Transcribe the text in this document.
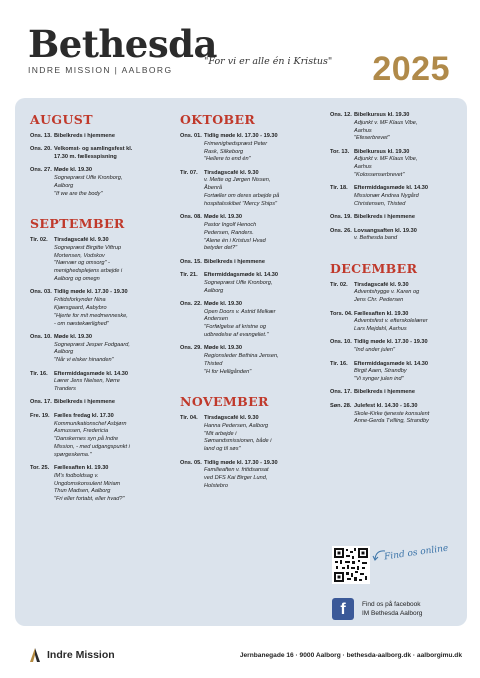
Bethesda
INDRE MISSION | AALBORG
"For vi er alle én i Kristus" 2025
AUGUST
Ons. 13. Bibelkreds i hjemmene
Ons. 20. Velkomst- og samlingsfest kl.
17.30 m. fællesspisning
Ons. 27. Møde kl. 19.30
Sognepræst Uffe Kronborg,
Aalborg
"If we are the body"
SEPTEMBER
Tir. 02.	Tirsdagscafé kl. 9.30
Sognepræst Birgitte Viftrup
Mortensen, Vodskov
"Nærvær og omsorg" -
menighedsplejens arbejde i
Aalborg og omegn
Ons. 03. Tidlig møde kl. 17.30 - 19.30
Fritidsforkynder Nina
Kjærsgaard, Aabybro
"Hjerte for mit medmenneske,
- om næstekærlighed"
Ons. 10. Møde kl. 19.30
Sognepræst Jesper Fodgaard,
Aalborg
"Når vi elsker hinanden"
Tir. 16.	Eftermiddagsmøde kl. 14.30
Lærer Jens Nielsen, Nørre
Tranders
Ons. 17. Bibelkreds i hjemmene
Fre. 19. Fælles fredag kl. 17.30
Kommunikationschef Asbjørn
Asmussen, Fredericia
"Danskernes syn på Indre
Mission, - med udgangspunkt i
spørgeskema."
Tor. 25. Fællesaften kl. 19.30
IM's fodboldsag v.
Ungdomskonsulent Miriam
Thun Madsen, Aalborg
"Fri eller fortabt, eller hvad?"
OKTOBER
Ons. 01. Tidlig møde kl. 17.30 - 19.30
Frimenighedspræst Peter
Rask, Silkeborg
"Hellere to end én"
Tir. 07.	Tirsdagscafé kl. 9.30
v. Mette og Jørgen Nissen,
Åbenrå
Fortæller om deres arbejde på
hospitalsskibet "Mercy Ships"
Ons. 08. Møde kl. 19.30
Pastor Ingolf Henoch
Pedersen, Randers.
"Alene én i Kristus! Hvad
betyder det?"
Ons. 15. Bibelkreds i hjemmene
Tir. 21.	Eftermiddagsmøde kl. 14.30
Sognepræst Uffe Kronborg,
Aalborg
Ons. 22. Møde kl. 19.30
Open Doors v. Astrid Melkær
Andersen
"Forfølgelse af kristne og
udbredelse af evangeliet."
Ons. 29. Møde kl. 19.30
Regionsleder Bethina Jensen,
Thisted
"H for Helligånden"
NOVEMBER
Tir. 04.	Tirsdagscafé kl. 9.30
Hanna Pedersen, Aalborg
"Mit arbejde i
Sømandsmissionen, både i
land og til søs"
Ons. 05. Tidlig møde kl. 17.30 - 19.30
Familieaften v. fritidsansat
ved DFS Kai Birger Lund,
Holstebro
Ons. 12. Bibelkursus kl. 19.30
Adjunkt v. MF Klaus Vibe,
Aarhus
"Efeserbrevet"
Tor. 13. Bibelkursus kl. 19.30
Adjunkt v. MF Klaus Vibe,
Aarhus
"Kolossenserbrevet"
Tir. 18.	Eftermiddagsmøde kl. 14.30
Missionær Andrea Nygård
Christensen, Thisted
Ons. 19. Bibelkreds i hjemmene
Ons. 26. Lovsangsaften kl. 19.30
v. Bethesda band
DECEMBER
Tir. 02.	Tirsdagscafé kl. 9.30
Adventshygge v. Karen og
Jens Chr. Pedersen
Tors. 04. Fællesaften kl. 19.30
Adventsfest v. efterskolelærer
Lars Mejdahl, Aarhus
Ons. 10. Tidlig møde kl. 17.30 - 19.30
"Ind under julen"
Tir. 16.	Eftermiddagsmøde kl. 14.30
Birgit Aaen, Strandby
"Vi synger julen ind"
Ons. 17. Bibelkreds i hjemmene
Søn. 28. Julefest kl. 14.30 - 16.30
Skole-Kirke tjeneste konsulent
Anne-Gerda Tvilling, Strandby
Find os online
f	Find os på facebook
IM Bethesda Aalborg
Indre Mission	Jernbanegade 16 · 9000 Aalborg · bethesda-aalborg.dk · aalborgimu.dk
